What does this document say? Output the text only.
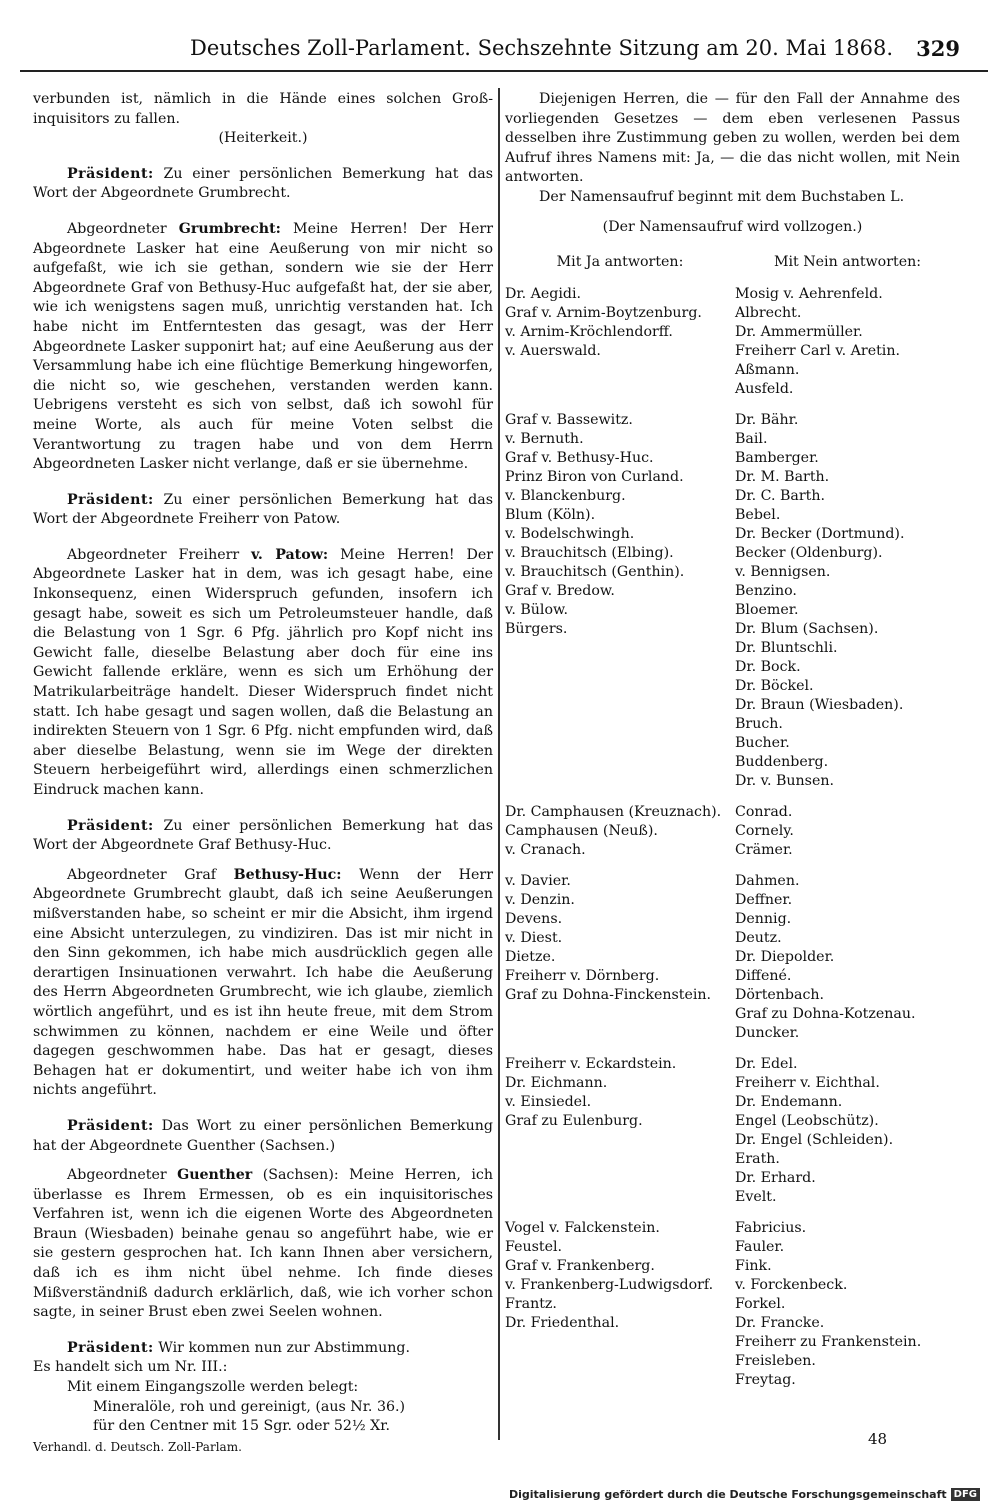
Deutsches Zoll-Parlament. Sechszehnte Sitzung am 20. Mai 1868. 329

verbunden ist, nämlich in die Hände eines solchen Groß-inquisitors zu fallen.

(Heiterkeit.)

Präsident: Zu einer persönlichen Bemerkung hat das Wort der Abgeordnete Grumbrecht.

Abgeordneter Grumbrecht: Meine Herren! Der Herr Abgeordnete Lasker hat eine Aeußerung von mir nicht so aufgefaßt, wie ich sie gethan, sondern wie sie der Herr Abgeordnete Graf von Bethusy-Huc aufgefaßt hat, der sie aber, wie ich wenigstens sagen muß, unrichtig verstanden hat. Ich habe nicht im Entferntesten das gesagt, was der Herr Abgeordnete Lasker supponirt hat; auf eine Aeußerung aus der Versammlung habe ich eine flüchtige Bemerkung hingeworfen, die nicht so, wie geschehen, verstanden werden kann. Uebrigens versteht es sich von selbst, daß ich sowohl für meine Worte, als auch für meine Voten selbst die Verantwortung zu tragen habe und von dem Herrn Abgeordneten Lasker nicht verlange, daß er sie übernehme.

Präsident: Zu einer persönlichen Bemerkung hat das Wort der Abgeordnete Freiherr von Patow.

Abgeordneter Freiherr v. Patow: Meine Herren! Der Abgeordnete Lasker hat in dem, was ich gesagt habe, eine Inkonsequenz, einen Widerspruch gefunden, insofern ich gesagt habe, soweit es sich um Petroleumsteuer handle, daß die Belastung von 1 Sgr. 6 Pfg. jährlich pro Kopf nicht ins Gewicht falle, dieselbe Belastung aber doch für eine ins Gewicht fallende erkläre, wenn es sich um Erhöhung der Matrikularbeiträge handelt. Dieser Widerspruch findet nicht statt. Ich habe gesagt und sagen wollen, daß die Belastung an indirekten Steuern von 1 Sgr. 6 Pfg. nicht empfunden wird, daß aber dieselbe Belastung, wenn sie im Wege der direkten Steuern herbeigeführt wird, allerdings einen schmerzlichen Eindruck machen kann.

Präsident: Zu einer persönlichen Bemerkung hat das Wort der Abgeordnete Graf Bethusy-Huc.

Abgeordneter Graf Bethusy-Huc: Wenn der Herr Abgeordnete Grumbrecht glaubt, daß ich seine Aeußerungen mißverstanden habe, so scheint er mir die Absicht, ihm irgend eine Absicht unterzulegen, zu vindiziren. Das ist mir nicht in den Sinn gekommen, ich habe mich ausdrücklich gegen alle derartigen Insinuationen verwahrt. Ich habe die Aeußerung des Herrn Abgeordneten Grumbrecht, wie ich glaube, ziemlich wörtlich angeführt, und es ist ihn heute freue, mit dem Strom schwimmen zu können, nachdem er eine Weile und öfter dagegen geschwommen habe. Das hat er gesagt, dieses Behagen hat er dokumentirt, und weiter habe ich von ihm nichts angeführt.

Präsident: Das Wort zu einer persönlichen Bemerkung hat der Abgeordnete Guenther (Sachsen.)

Abgeordneter Guenther (Sachsen): Meine Herren, ich überlasse es Ihrem Ermessen, ob es ein inquisitorisches Verfahren ist, wenn ich die eigenen Worte des Abgeordneten Braun (Wiesbaden) beinahe genau so angeführt habe, wie er sie gestern gesprochen hat. Ich kann Ihnen aber versichern, daß ich es ihm nicht übel nehme. Ich finde dieses Mißverständniß dadurch erklärlich, daß, wie ich vorher schon sagte, in seiner Brust eben zwei Seelen wohnen.

Präsident: Wir kommen nun zur Abstimmung.

Es handelt sich um Nr. III.:

Mit einem Eingangszolle werden belegt:

Mineralöle, roh und gereinigt, (aus Nr. 36.)

für den Centner mit 15 Sgr. oder 52½ Xr.

Diejenigen Herren, die — für den Fall der Annahme des vorliegenden Gesetzes — dem eben verlesenen Passus desselben ihre Zustimmung geben zu wollen, werden bei dem Aufruf ihres Namens mit: Ja, — die das nicht wollen, mit Nein antworten.

Der Namensaufruf beginnt mit dem Buchstaben L.

(Der Namensaufruf wird vollzogen.)

Mit Ja antworten:	Mit Nein antworten:
Dr. Aegidi.
Graf v. Arnim-Boytzenburg.
v. Arnim-Kröchlendorff.
v. Auerswald.
Mosig v. Aehrenfeld.
Albrecht.
Dr. Ammermüller.
Freiherr Carl v. Aretin.
Aßmann.
Ausfeld.
Graf v. Bassewitz.
v. Bernuth.
Graf v. Bethusy-Huc.
Prinz Biron von Curland.
v. Blanckenburg.
Blum (Köln).
v. Bodelschwingh.
v. Brauchitsch (Elbing).
v. Brauchitsch (Genthin).
Graf v. Bredow.
v. Bülow.
Bürgers.
Dr. Bähr.
Bail.
Bamberger.
Dr. M. Barth.
Dr. C. Barth.
Bebel.
Dr. Becker (Dortmund).
Becker (Oldenburg).
v. Bennigsen.
Benzino.
Bloemer.
Dr. Blum (Sachsen).
Dr. Bluntschli.
Dr. Bock.
Dr. Böckel.
Dr. Braun (Wiesbaden).
Bruch.
Bucher.
Buddenberg.
Dr. v. Bunsen.
Dr. Camphausen (Kreuznach).
Camphausen (Neuß).
v. Cranach.
Conrad.
Cornely.
Crämer.
v. Davier.
v. Denzin.
Devens.
v. Diest.
Dietze.
Freiherr v. Dörnberg.
Graf zu Dohna-Finckenstein.
Dahmen.
Deffner.
Dennig.
Deutz.
Dr. Diepolder.
Diffené.
Dörtenbach.
Graf zu Dohna-Kotzenau.
Duncker.
Freiherr v. Eckardstein.
Dr. Eichmann.
v. Einsiedel.
Graf zu Eulenburg.
Dr. Edel.
Freiherr v. Eichthal.
Dr. Endemann.
Engel (Leobschütz).
Dr. Engel (Schleiden).
Erath.
Dr. Erhard.
Evelt.
Vogel v. Falckenstein.
Feustel.
Graf v. Frankenberg.
v. Frankenberg-Ludwigsdorf.
Frantz.
Dr. Friedenthal.
Fabricius.
Fauler.
Fink.
v. Forckenbeck.
Forkel.
Dr. Francke.
Freiherr zu Frankenstein.
Freisleben.
Freytag.
Verhandl. d. Deutsch. Zoll-Parlam.	48
Digitalisierung gefördert durch die Deutsche Forschungsgemeinschaft DFG
